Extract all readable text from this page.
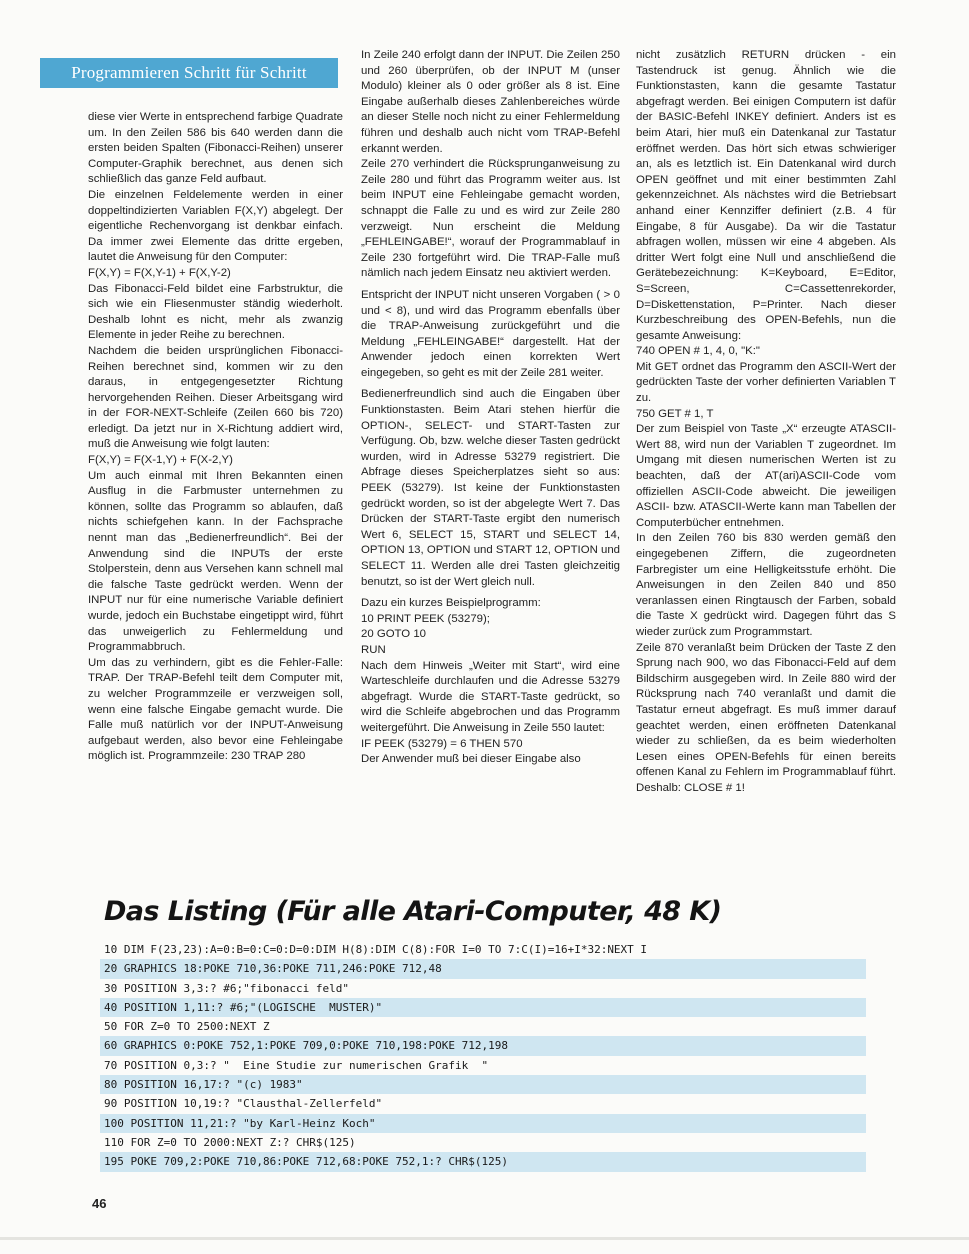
Programmieren Schritt für Schritt

diese vier Werte in entsprechend farbige Quadrate um. In den Zeilen 586 bis 640 werden dann die ersten beiden Spalten (Fibonacci-Reihen) unserer Computer-Graphik berechnet, aus denen sich schließlich das ganze Feld aufbaut.

Die einzelnen Feldelemente werden in einer doppeltindizierten Variablen F(X,Y) abgelegt. Der eigentliche Rechenvorgang ist denkbar einfach. Da immer zwei Elemente das dritte ergeben, lautet die Anweisung für den Computer:

F(X,Y) = F(X,Y-1) + F(X,Y-2)

Das Fibonacci-Feld bildet eine Farbstruktur, die sich wie ein Fliesenmuster ständig wiederholt. Deshalb lohnt es nicht, mehr als zwanzig Elemente in jeder Reihe zu berechnen.

Nachdem die beiden ursprünglichen Fibonacci-Reihen berechnet sind, kommen wir zu den daraus, in entgegengesetzter Richtung hervorgehenden Reihen. Dieser Arbeitsgang wird in der FOR-NEXT-Schleife (Zeilen 660 bis 720) erledigt. Da jetzt nur in X-Richtung addiert wird, muß die Anweisung wie folgt lauten:

F(X,Y) = F(X-1,Y) + F(X-2,Y)

Um auch einmal mit Ihren Bekannten einen Ausflug in die Farbmuster unternehmen zu können, sollte das Programm so ablaufen, daß nichts schiefgehen kann. In der Fachsprache nennt man das „Bedienerfreundlich“. Bei der Anwendung sind die INPUTs der erste Stolperstein, denn aus Versehen kann schnell mal die falsche Taste gedrückt werden. Wenn der INPUT nur für eine numerische Variable definiert wurde, jedoch ein Buchstabe eingetippt wird, führt das unweigerlich zu Fehlermeldung und Programmabbruch.

Um das zu verhindern, gibt es die Fehler-Falle: TRAP. Der TRAP-Befehl teilt dem Computer mit, zu welcher Programmzeile er verzweigen soll, wenn eine falsche Eingabe gemacht wurde. Die Falle muß natürlich vor der INPUT-Anweisung aufgebaut werden, also bevor eine Fehleingabe möglich ist. Programmzeile: 230 TRAP 280

In Zeile 240 erfolgt dann der INPUT. Die Zeilen 250 und 260 überprüfen, ob der INPUT M (unser Modulo) kleiner als 0 oder größer als 8 ist. Eine Eingabe außerhalb dieses Zahlenbereiches würde an dieser Stelle noch nicht zu einer Fehlermeldung führen und deshalb auch nicht vom TRAP-Befehl erkannt werden.

Zeile 270 verhindert die Rücksprunganweisung zu Zeile 280 und führt das Programm weiter aus. Ist beim INPUT eine Fehleingabe gemacht worden, schnappt die Falle zu und es wird zur Zeile 280 verzweigt. Nun erscheint die Meldung „FEHLEINGABE!“, worauf der Programmablauf in Zeile 230 fortgeführt wird. Die TRAP-Falle muß nämlich nach jedem Einsatz neu aktiviert werden.

Entspricht der INPUT nicht unseren Vorgaben ( > 0 und < 8), und wird das Programm ebenfalls über die TRAP-Anweisung zurückgeführt und die Meldung „FEHLEINGABE!“ dargestellt. Hat der Anwender jedoch einen korrekten Wert eingegeben, so geht es mit der Zeile 281 weiter.

Bedienerfreundlich sind auch die Eingaben über Funktionstasten. Beim Atari stehen hierfür die OPTION-, SELECT- und START-Tasten zur Verfügung. Ob, bzw. welche dieser Tasten gedrückt wurden, wird in Adresse 53279 registriert. Die Abfrage dieses Speicherplatzes sieht so aus: PEEK (53279). Ist keine der Funktionstasten gedrückt worden, so ist der abgelegte Wert 7. Das Drücken der START-Taste ergibt den numerisch Wert 6, SELECT 15, START und SELECT 14, OPTION 13, OPTION und START 12, OPTION und SELECT 11. Werden alle drei Tasten gleichzeitig benutzt, so ist der Wert gleich null.

Dazu ein kurzes Beispielprogramm:

10 PRINT PEEK (53279);

20 GOTO 10

RUN

Nach dem Hinweis „Weiter mit Start“, wird eine Warteschleife durchlaufen und die Adresse 53279 abgefragt. Wurde die START-Taste gedrückt, so wird die Schleife abgebrochen und das Programm weitergeführt. Die Anweisung in Zeile 550 lautet:

IF PEEK (53279) = 6 THEN 570

Der Anwender muß bei dieser Eingabe also

nicht zusätzlich RETURN drücken - ein Tastendruck ist genug. Ähnlich wie die Funktionstasten, kann die gesamte Tastatur abgefragt werden. Bei einigen Computern ist dafür der BASIC-Befehl INKEY definiert. Anders ist es beim Atari, hier muß ein Datenkanal zur Tastatur eröffnet werden. Das hört sich etwas schwieriger an, als es letztlich ist. Ein Datenkanal wird durch OPEN geöffnet und mit einer bestimmten Zahl gekennzeichnet. Als nächstes wird die Betriebsart anhand einer Kennziffer definiert (z.B. 4 für Eingabe, 8 für Ausgabe). Da wir die Tastatur abfragen wollen, müssen wir eine 4 abgeben. Als dritter Wert folgt eine Null und anschließend die Gerätebezeichnung: K=Keyboard, E=Editor, S=Screen, C=Cassettenrekorder, D=Diskettenstation, P=Printer. Nach dieser Kurzbeschreibung des OPEN-Befehls, nun die gesamte Anweisung:

740 OPEN # 1, 4, 0, "K:"

Mit GET ordnet das Programm den ASCII-Wert der gedrückten Taste der vorher definierten Variablen T zu.

750 GET # 1, T

Der zum Beispiel von Taste „X“ erzeugte ATASCII-Wert 88, wird nun der Variablen T zugeordnet. Im Umgang mit diesen numerischen Werten ist zu beachten, daß der AT(ari)ASCII-Code vom offiziellen ASCII-Code abweicht. Die jeweiligen ASCII- bzw. ATASCII-Werte kann man Tabellen der Computerbücher entnehmen.

In den Zeilen 760 bis 830 werden gemäß den eingegebenen Ziffern, die zugeordneten Farbregister um eine Helligkeitsstufe erhöht. Die Anweisungen in den Zeilen 840 und 850 veranlassen einen Ringtausch der Farben, sobald die Taste X gedrückt wird. Dagegen führt das S wieder zurück zum Programmstart.

Zeile 870 veranlaßt beim Drücken der Taste Z den Sprung nach 900, wo das Fibonacci-Feld auf dem Bildschirm ausgegeben wird. In Zeile 880 wird der Rücksprung nach 740 veranlaßt und damit die Tastatur erneut abgefragt. Es muß immer darauf geachtet werden, einen eröffneten Datenkanal wieder zu schließen, da es beim wiederholten Lesen eines OPEN-Befehls für einen bereits offenen Kanal zu Fehlern im Programmablauf führt. Deshalb: CLOSE # 1!

Das Listing (Für alle Atari-Computer, 48 K)
10 DIM F(23,23):A=0:B=0:C=0:D=0:DIM H(8):DIM C(8):FOR I=0 TO 7:C(I)=16+I*32:NEXT I
20 GRAPHICS 18:POKE 710,36:POKE 711,246:POKE 712,48
30 POSITION 3,3:? #6;"fibonacci feld"
40 POSITION 1,11:? #6;"(LOGISCHE  MUSTER)"
50 FOR Z=0 TO 2500:NEXT Z
60 GRAPHICS 0:POKE 752,1:POKE 709,0:POKE 710,198:POKE 712,198
70 POSITION 0,3:? "  Eine Studie zur numerischen Grafik  "
80 POSITION 16,17:? "(c) 1983"
90 POSITION 10,19:? "Clausthal-Zellerfeld"
100 POSITION 11,21:? "by Karl-Heinz Koch"
110 FOR Z=0 TO 2000:NEXT Z:? CHR$(125)
195 POKE 709,2:POKE 710,86:POKE 712,68:POKE 752,1:? CHR$(125)
46
